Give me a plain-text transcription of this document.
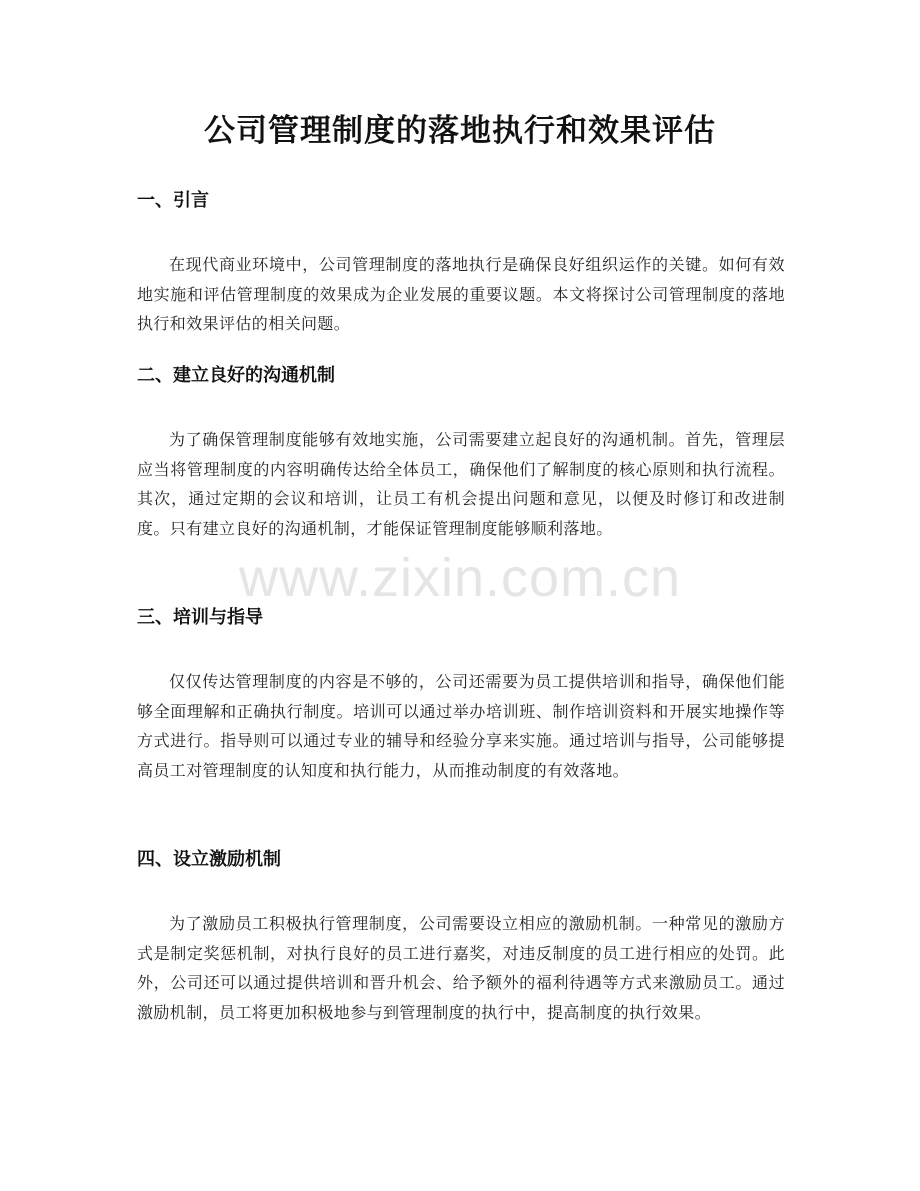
公司管理制度的落地执行和效果评估
一、引言

在现代商业环境中，公司管理制度的落地执行是确保良好组织运作的关键。如何有效地实施和评估管理制度的效果成为企业发展的重要议题。本文将探讨公司管理制度的落地执行和效果评估的相关问题。

二、建立良好的沟通机制

为了确保管理制度能够有效地实施，公司需要建立起良好的沟通机制。首先，管理层应当将管理制度的内容明确传达给全体员工，确保他们了解制度的核心原则和执行流程。其次，通过定期的会议和培训，让员工有机会提出问题和意见，以便及时修订和改进制度。只有建立良好的沟通机制，才能保证管理制度能够顺利落地。

三、培训与指导

仅仅传达管理制度的内容是不够的，公司还需要为员工提供培训和指导，确保他们能够全面理解和正确执行制度。培训可以通过举办培训班、制作培训资料和开展实地操作等方式进行。指导则可以通过专业的辅导和经验分享来实施。通过培训与指导，公司能够提高员工对管理制度的认知度和执行能力，从而推动制度的有效落地。

四、设立激励机制

为了激励员工积极执行管理制度，公司需要设立相应的激励机制。一种常见的激励方式是制定奖惩机制，对执行良好的员工进行嘉奖，对违反制度的员工进行相应的处罚。此外，公司还可以通过提供培训和晋升机会、给予额外的福利待遇等方式来激励员工。通过激励机制，员工将更加积极地参与到管理制度的执行中，提高制度的执行效果。

www.zixin.com.cn
